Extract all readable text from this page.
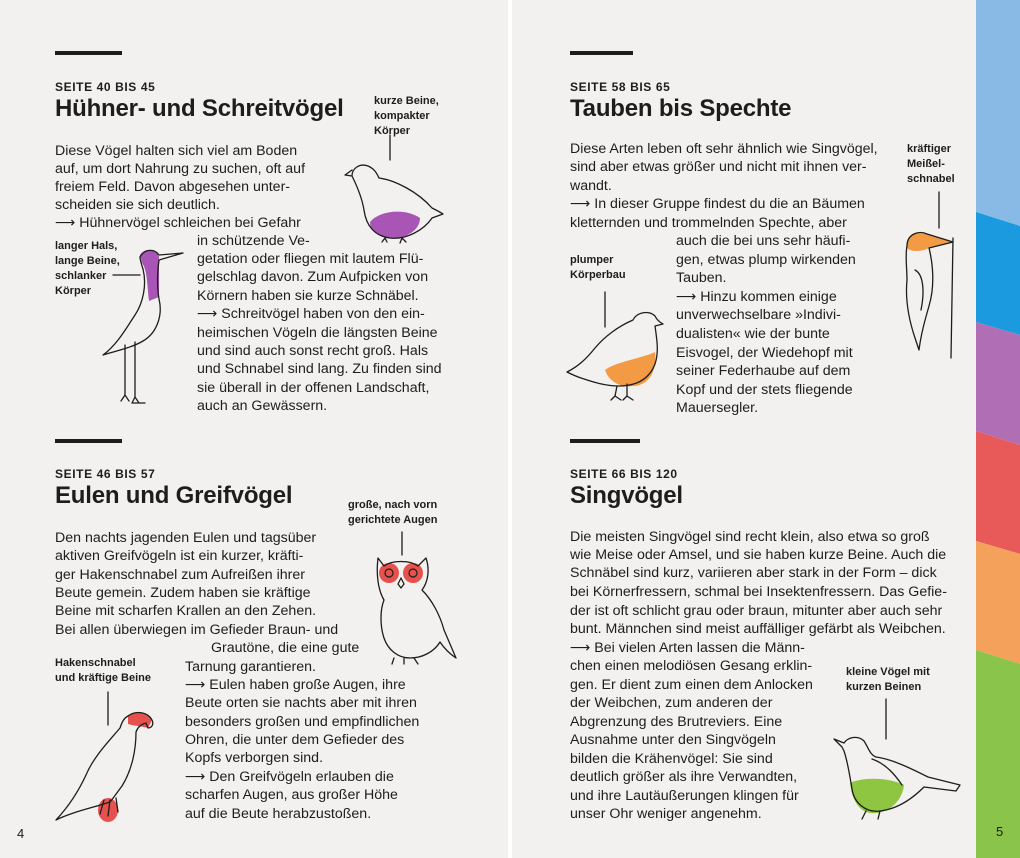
SEITE 40 BIS 45
Hühner- und Schreitvögel
Diese Vögel halten sich viel am Boden
auf, um dort Nahrung zu suchen, oft auf
freiem Feld. Davon abgesehen unter-
scheiden sie sich deutlich.
⟶ Hühnervögel schleichen bei Gefahr
in schützende Ve-
getation oder fliegen mit lautem Flü-
gelschlag davon. Zum Aufpicken von
Körnern haben sie kurze Schnäbel.
⟶ Schreitvögel haben von den ein-
heimischen Vögeln die längsten Beine
und sind auch sonst recht groß. Hals
und Schnabel sind lang. Zu finden sind
sie überall in der offenen Landschaft,
auch an Gewässern.
kurze Beine,
kompakter
Körper
langer Hals,
lange Beine,
schlanker
Körper
SEITE 46 BIS 57
Eulen und Greifvögel
Den nachts jagenden Eulen und tagsüber
aktiven Greifvögeln ist ein kurzer, kräfti-
ger Hakenschnabel zum Aufreißen ihrer
Beute gemein. Zudem haben sie kräftige
Beine mit scharfen Krallen an den Zehen.
Bei allen überwiegen im Gefieder Braun- und
Grautöne, die eine gute
Tarnung garantieren.
⟶ Eulen haben große Augen, ihre
Beute orten sie nachts aber mit ihren
besonders großen und empfindlichen
Ohren, die unter dem Gefieder des
Kopfs verborgen sind.
⟶ Den Greifvögeln erlauben die
scharfen Augen, aus großer Höhe
auf die Beute herabzustoßen.
große, nach vorn
gerichtete Augen
Hakenschnabel
und kräftige Beine
SEITE 58 BIS 65
Tauben bis Spechte
Diese Arten leben oft sehr ähnlich wie Singvögel,
sind aber etwas größer und nicht mit ihnen ver-
wandt.
⟶ In dieser Gruppe findest du die an Bäumen
kletternden und trommelnden Spechte, aber
auch die bei uns sehr häufi-
gen, etwas plump wirkenden
Tauben.
⟶ Hinzu kommen einige
unverwechselbare »Indivi-
dualisten« wie der bunte
Eisvogel, der Wiedehopf mit
seiner Federhaube auf dem
Kopf und der stets fliegende
Mauersegler.
kräftiger
Meißel-
schnabel
plumper
Körperbau
SEITE 66 BIS 120
Singvögel
Die meisten Singvögel sind recht klein, also etwa so groß
wie Meise oder Amsel, und sie haben kurze Beine. Auch die
Schnäbel sind kurz, variieren aber stark in der Form – dick
bei Körnerfressern, schmal bei Insektenfressern. Das Gefie-
der ist oft schlicht grau oder braun, mitunter aber auch sehr
bunt. Männchen sind meist auffälliger gefärbt als Weibchen.
⟶ Bei vielen Arten lassen die Männ-
chen einen melodiösen Gesang erklin-
gen. Er dient zum einen dem Anlocken
der Weibchen, zum anderen der
Abgrenzung des Brutreviers. Eine
Ausnahme unter den Singvögeln
bilden die Krähenvögel: Sie sind
deutlich größer als ihre Verwandten,
und ihre Lautäußerungen klingen für
unser Ohr weniger angenehm.
kleine Vögel mit
kurzen Beinen
4	5
